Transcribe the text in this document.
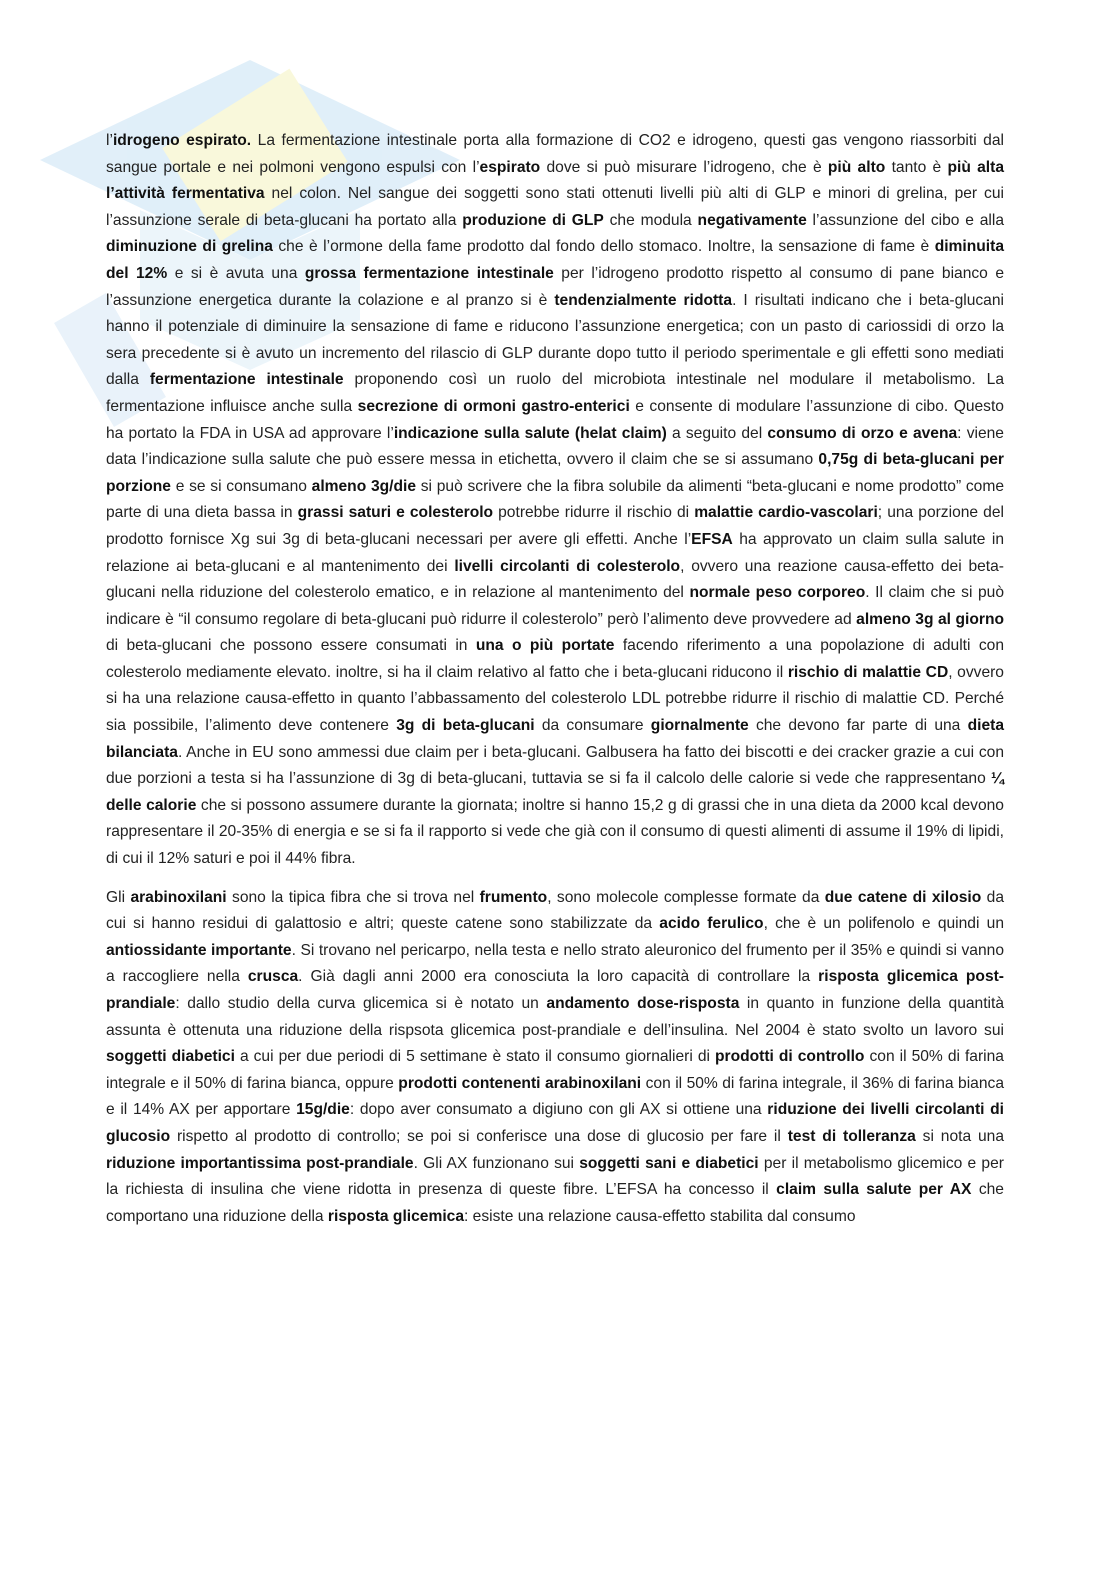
l’idrogeno espirato. La fermentazione intestinale porta alla formazione di CO2 e idrogeno, questi gas vengono riassorbiti dal sangue portale e nei polmoni vengono espulsi con l’espirato dove si può misurare l’idrogeno, che è più alto tanto è più alta l’attività fermentativa nel colon. Nel sangue dei soggetti sono stati ottenuti livelli più alti di GLP e minori di grelina, per cui l’assunzione serale di beta-glucani ha portato alla produzione di GLP che modula negativamente l’assunzione del cibo e alla diminuzione di grelina che è l’ormone della fame prodotto dal fondo dello stomaco. Inoltre, la sensazione di fame è diminuita del 12% e si è avuta una grossa fermentazione intestinale per l’idrogeno prodotto rispetto al consumo di pane bianco e l’assunzione energetica durante la colazione e al pranzo si è tendenzialmente ridotta. I risultati indicano che i beta-glucani hanno il potenziale di diminuire la sensazione di fame e riducono l’assunzione energetica; con un pasto di cariossidi di orzo la sera precedente si è avuto un incremento del rilascio di GLP durante dopo tutto il periodo sperimentale e gli effetti sono mediati dalla fermentazione intestinale proponendo così un ruolo del microbiota intestinale nel modulare il metabolismo. La fermentazione influisce anche sulla secrezione di ormoni gastro-enterici e consente di modulare l’assunzione di cibo. Questo ha portato la FDA in USA ad approvare l’indicazione sulla salute (helat claim) a seguito del consumo di orzo e avena: viene data l’indicazione sulla salute che può essere messa in etichetta, ovvero il claim che se si assumano 0,75g di beta-glucani per porzione e se si consumano almeno 3g/die si può scrivere che la fibra solubile da alimenti “beta-glucani e nome prodotto” come parte di una dieta bassa in grassi saturi e colesterolo potrebbe ridurre il rischio di malattie cardio-vascolari; una porzione del prodotto fornisce Xg sui 3g di beta-glucani necessari per avere gli effetti. Anche l’EFSA ha approvato un claim sulla salute in relazione ai beta-glucani e al mantenimento dei livelli circolanti di colesterolo, ovvero una reazione causa-effetto dei beta-glucani nella riduzione del colesterolo ematico, e in relazione al mantenimento del normale peso corporeo. Il claim che si può indicare è “il consumo regolare di beta-glucani può ridurre il colesterolo” però l’alimento deve provvedere ad almeno 3g al giorno di beta-glucani che possono essere consumati in una o più portate facendo riferimento a una popolazione di adulti con colesterolo mediamente elevato. inoltre, si ha il claim relativo al fatto che i beta-glucani riducono il rischio di malattie CD, ovvero si ha una relazione causa-effetto in quanto l’abbassamento del colesterolo LDL potrebbe ridurre il rischio di malattie CD. Perché sia possibile, l’alimento deve contenere 3g di beta-glucani da consumare giornalmente che devono far parte di una dieta bilanciata. Anche in EU sono ammessi due claim per i beta-glucani. Galbusera ha fatto dei biscotti e dei cracker grazie a cui con due porzioni a testa si ha l’assunzione di 3g di beta-glucani, tuttavia se si fa il calcolo delle calorie si vede che rappresentano ¼ delle calorie che si possono assumere durante la giornata; inoltre si hanno 15,2 g di grassi che in una dieta da 2000 kcal devono rappresentare il 20-35% di energia e se si fa il rapporto si vede che già con il consumo di questi alimenti di assume il 19% di lipidi, di cui il 12% saturi e poi il 44% fibra.

Gli arabinoxilani sono la tipica fibra che si trova nel frumento, sono molecole complesse formate da due catene di xilosio da cui si hanno residui di galattosio e altri; queste catene sono stabilizzate da acido ferulico, che è un polifenolo e quindi un antiossidante importante. Si trovano nel pericarpo, nella testa e nello strato aleuronico del frumento per il 35% e quindi si vanno a raccogliere nella crusca. Già dagli anni 2000 era conosciuta la loro capacità di controllare la risposta glicemica post-prandiale: dallo studio della curva glicemica si è notato un andamento dose-risposta in quanto in funzione della quantità assunta è ottenuta una riduzione della rispsota glicemica post-prandiale e dell’insulina. Nel 2004 è stato svolto un lavoro sui soggetti diabetici a cui per due periodi di 5 settimane è stato il consumo giornalieri di prodotti di controllo con il 50% di farina integrale e il 50% di farina bianca, oppure prodotti contenenti arabinoxilani con il 50% di farina integrale, il 36% di farina bianca e il 14% AX per apportare 15g/die: dopo aver consumato a digiuno con gli AX si ottiene una riduzione dei livelli circolanti di glucosio rispetto al prodotto di controllo; se poi si conferisce una dose di glucosio per fare il test di tolleranza si nota una riduzione importantissima post-prandiale. Gli AX funzionano sui soggetti sani e diabetici per il metabolismo glicemico e per la richiesta di insulina che viene ridotta in presenza di queste fibre. L’EFSA ha concesso il claim sulla salute per AX che comportano una riduzione della risposta glicemica: esiste una relazione causa-effetto stabilita dal consumo
